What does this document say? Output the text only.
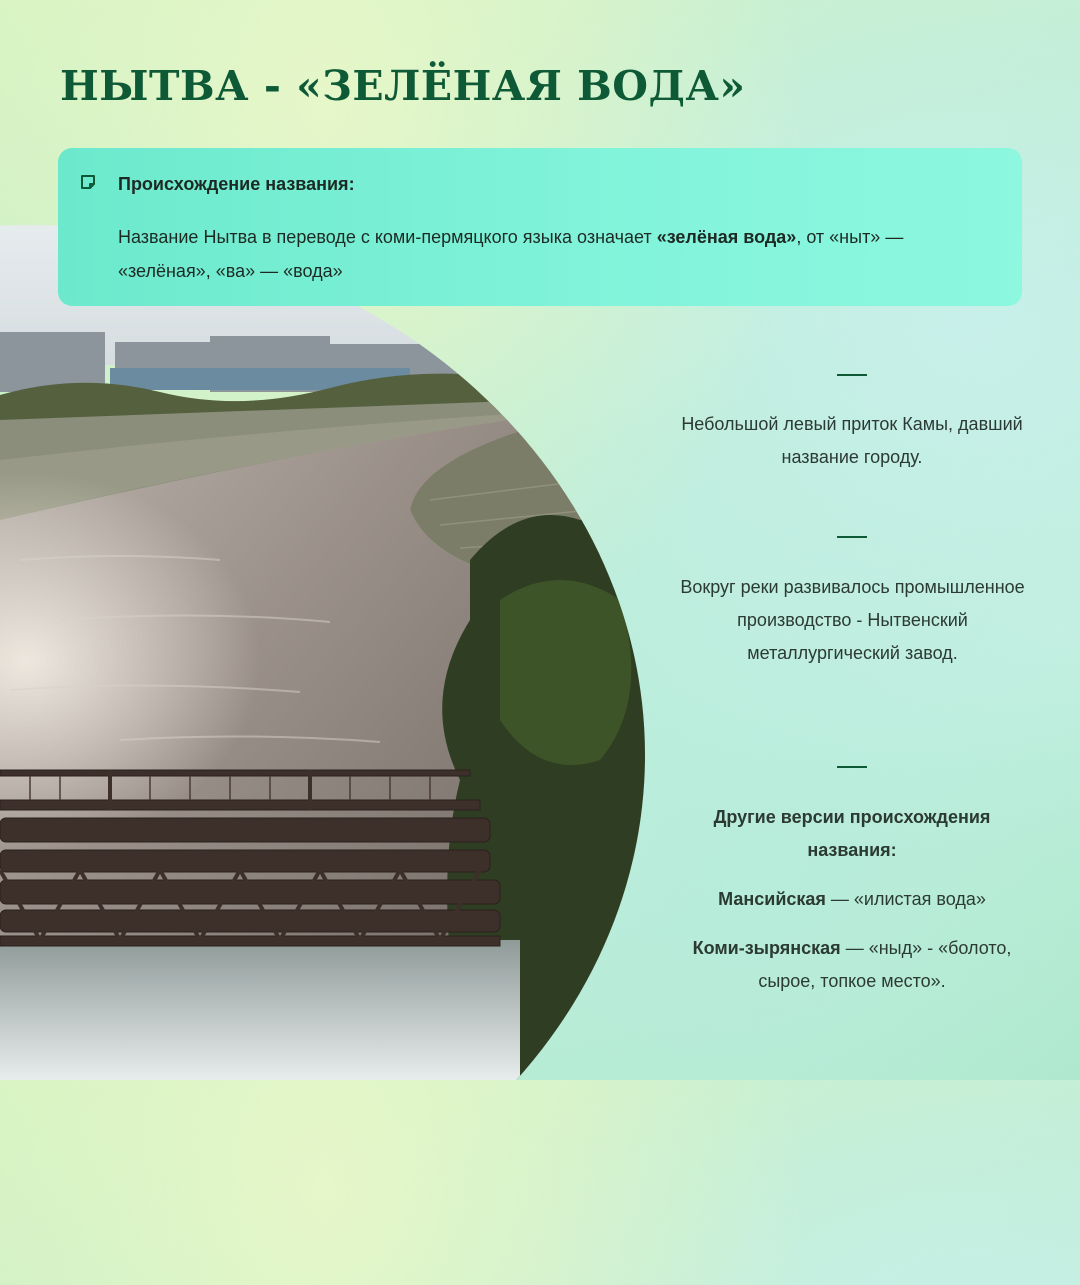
НЫТВА - «ЗЕЛЁНАЯ ВОДА»

Происхождение названия:

Название Нытва в переводе с коми-пермяцкого языка означает «зелёная вода», от «ныт» — «зелёная», «ва» — «вода»

Небольшой левый приток Камы, давший название городу.

Вокруг реки развивалось промышленное производство - Нытвенский металлургический завод.

Другие версии происхождения названия:

Мансийская — «илистая вода»

Коми-зырянская — «ныд» - «болото, сырое, топкое место».
